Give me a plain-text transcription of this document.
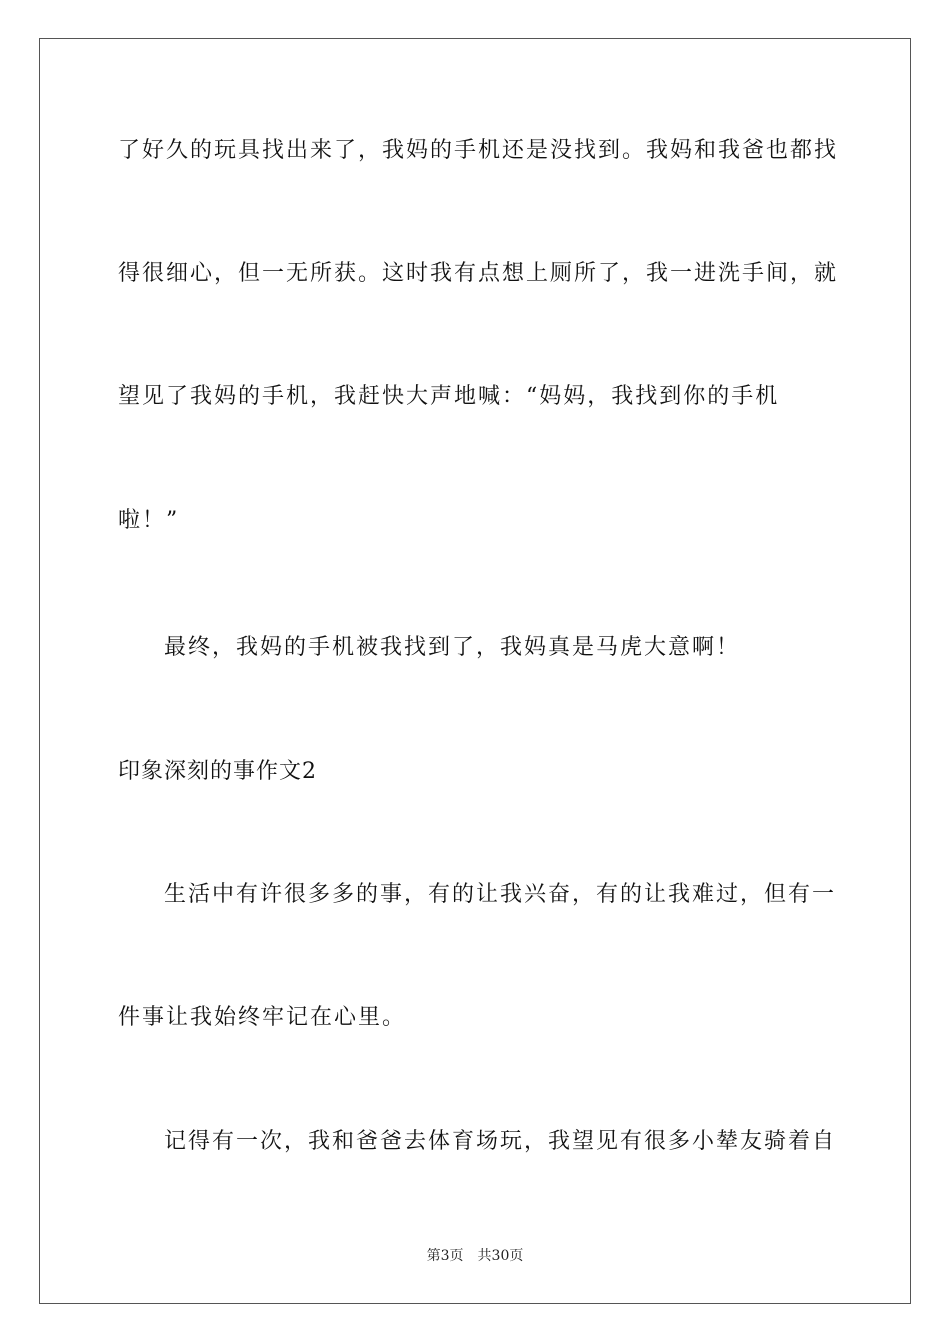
了好久的玩具找出来了，我妈的手机还是没找到。我妈和我爸也都找
得很细心，但一无所获。这时我有点想上厕所了，我一进洗手间，就
望见了我妈的手机，我赶快大声地喊：“妈妈，我找到你的手机
啦！”
最终，我妈的手机被我找到了，我妈真是马虎大意啊！
印象深刻的事作文2
生活中有许很多多的事，有的让我兴奋，有的让我难过，但有一
件事让我始终牢记在心里。
记得有一次，我和爸爸去体育场玩，我望见有很多小辇友骑着自
第3页 共30页
